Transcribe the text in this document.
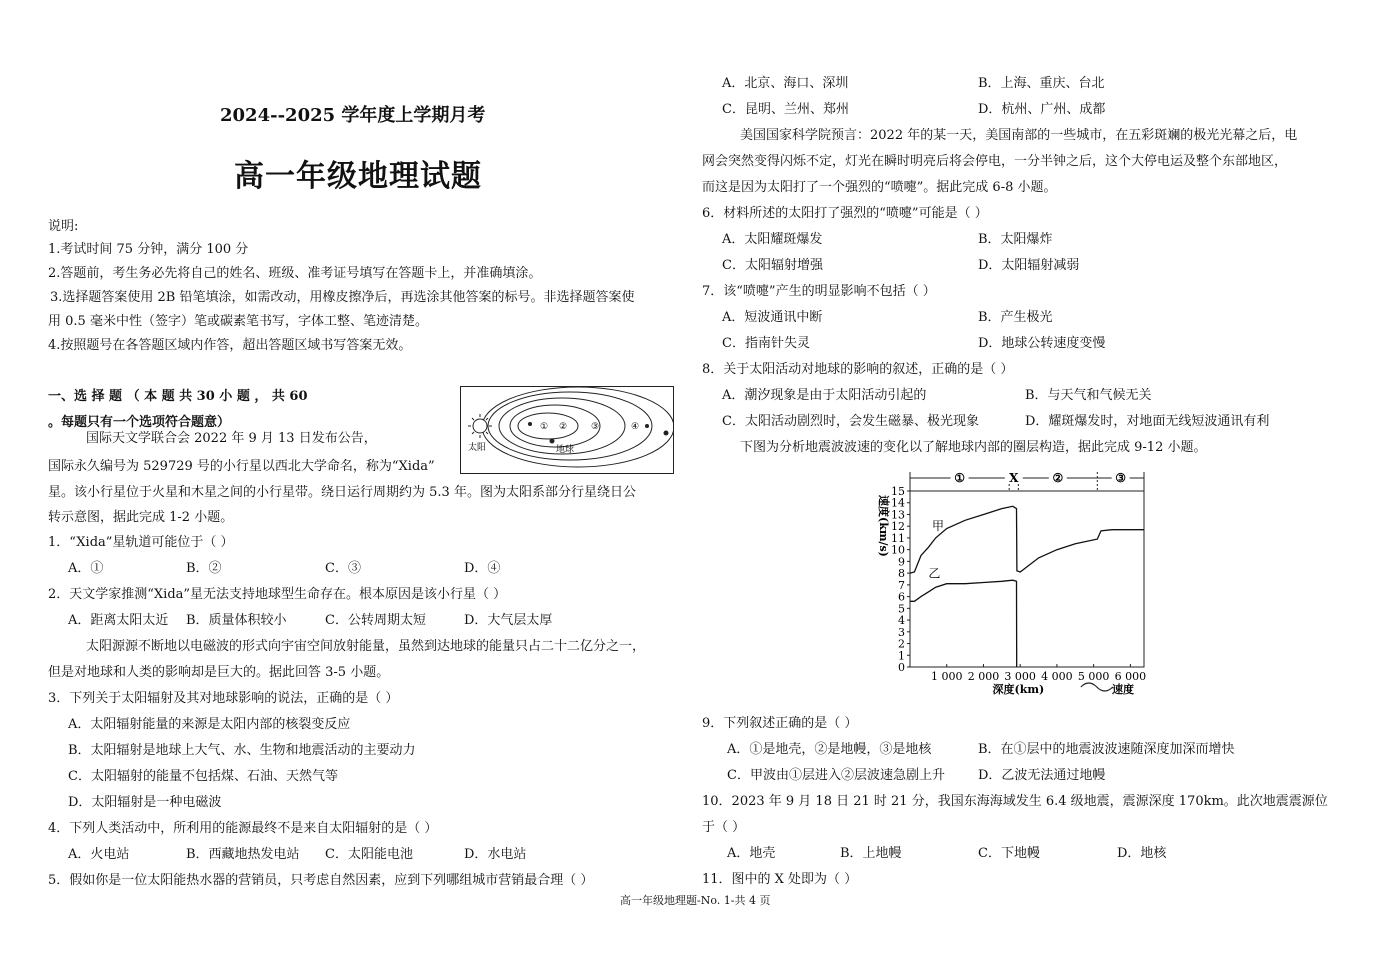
2024--2025 学年度上学期月考
高一年级地理试题
说明:
1.考试时间 75 分钟，满分 100 分
2.答题前，考生务必先将自己的姓名、班级、准考证号填写在答题卡上，并准确填涂。
3.选择题答案使用 2B 铅笔填涂，如需改动，用橡皮擦净后，再选涂其他答案的标号。非选择题答案使
用 0.5 毫米中性（签字）笔或碳素笔书写，字体工整、笔迹清楚。
4.按照题号在各答题区域内作答，超出答题区域书写答案无效。
一、选 择 题 （ 本 题 共 30 小 题 ， 共 60
。每题只有一个选项符合题意）
国际天文学联合会 2022 年 9 月 13 日发布公告，
国际永久编号为 529729 号的小行星以西北大学命名，称为“Xida”
星。该小行星位于火星和木星之间的小行星带。绕日运行周期约为 5.3 年。图为太阳系部分行星绕日公
转示意图，据此完成 1-2 小题。
太阳	地球
① ②	③	④
1．“Xida”星轨道可能位于（ ）
A．①	B．②	C．③	D．④
2．天文学家推测“Xida”星无法支持地球型生命存在。根本原因是该小行星（ ）
A．距离太阳太近 B．质量体积较小	C．公转周期太短	D．大气层太厚
太阳源源不断地以电磁波的形式向宇宙空间放射能量，虽然到达地球的能量只占二十二亿分之一，
但是对地球和人类的影响却是巨大的。据此回答 3-5 小题。
3．下列关于太阳辐射及其对地球影响的说法，正确的是（ ）
A．太阳辐射能量的来源是太阳内部的核裂变反应
B．太阳辐射是地球上大气、水、生物和地震活动的主要动力
C．太阳辐射的能量不包括煤、石油、天然气等
D．太阳辐射是一种电磁波
4．下列人类活动中，所利用的能源最终不是来自太阳辐射的是（ ）
A．火电站	B．西藏地热发电站 C．太阳能电池	D．水电站
5．假如你是一位太阳能热水器的营销员，只考虑自然因素，应到下列哪组城市营销最合理（ ）
A．北京、海口、深圳	B．上海、重庆、台北
C．昆明、兰州、郑州	D．杭州、广州、成都
美国国家科学院预言：2022 年的某一天，美国南部的一些城市，在五彩斑斓的极光光幕之后，电
网会突然变得闪烁不定，灯光在瞬时明亮后将会停电，一分半钟之后，这个大停电运及整个东部地区，
而这是因为太阳打了一个强烈的“喷嚏”。据此完成 6-8 小题。
6．材料所述的太阳打了强烈的“喷嚏”可能是（ ）
A．太阳耀斑爆发	B．太阳爆炸
C．太阳辐射增强	D．太阳辐射减弱
7．该“喷嚏”产生的明显影响不包括（ ）
A．短波通讯中断	B．产生极光
C．指南针失灵	D．地球公转速度变慢
8．关于太阳活动对地球的影响的叙述，正确的是（ ）
A．潮汐现象是由于太阳活动引起的	B．与天气和气候无关
C．太阳活动剧烈时，会发生磁暴、极光现象	D．耀斑爆发时，对地面无线短波通讯有利
下图为分析地震波波速的变化以了解地球内部的圈层构造，据此完成 9-12 小题。
0
1
2
3
4
5
6
7
8
9
10
11
12
13
14
15
1 000 2 000 3 000 4 000 5 000 6 000
速度(km/s)
深度(km)	速度
①	X	②	③
甲
乙
9．下列叙述正确的是（ ）
A．①是地壳，②是地幔，③是地核	B．在①层中的地震波波速随深度加深而增快
C．甲波由①层进入②层波速急剧上升	D．乙波无法通过地幔
10．2023 年 9 月 18 日 21 时 21 分，我国东海海域发生 6.4 级地震，震源深度 170km。此次地震震源位
于（ ）
A．地壳	B．上地幔	C．下地幔	D．地核
11．图中的 X 处即为（ ）
高一年级地理题-No. 1-共 4 页
